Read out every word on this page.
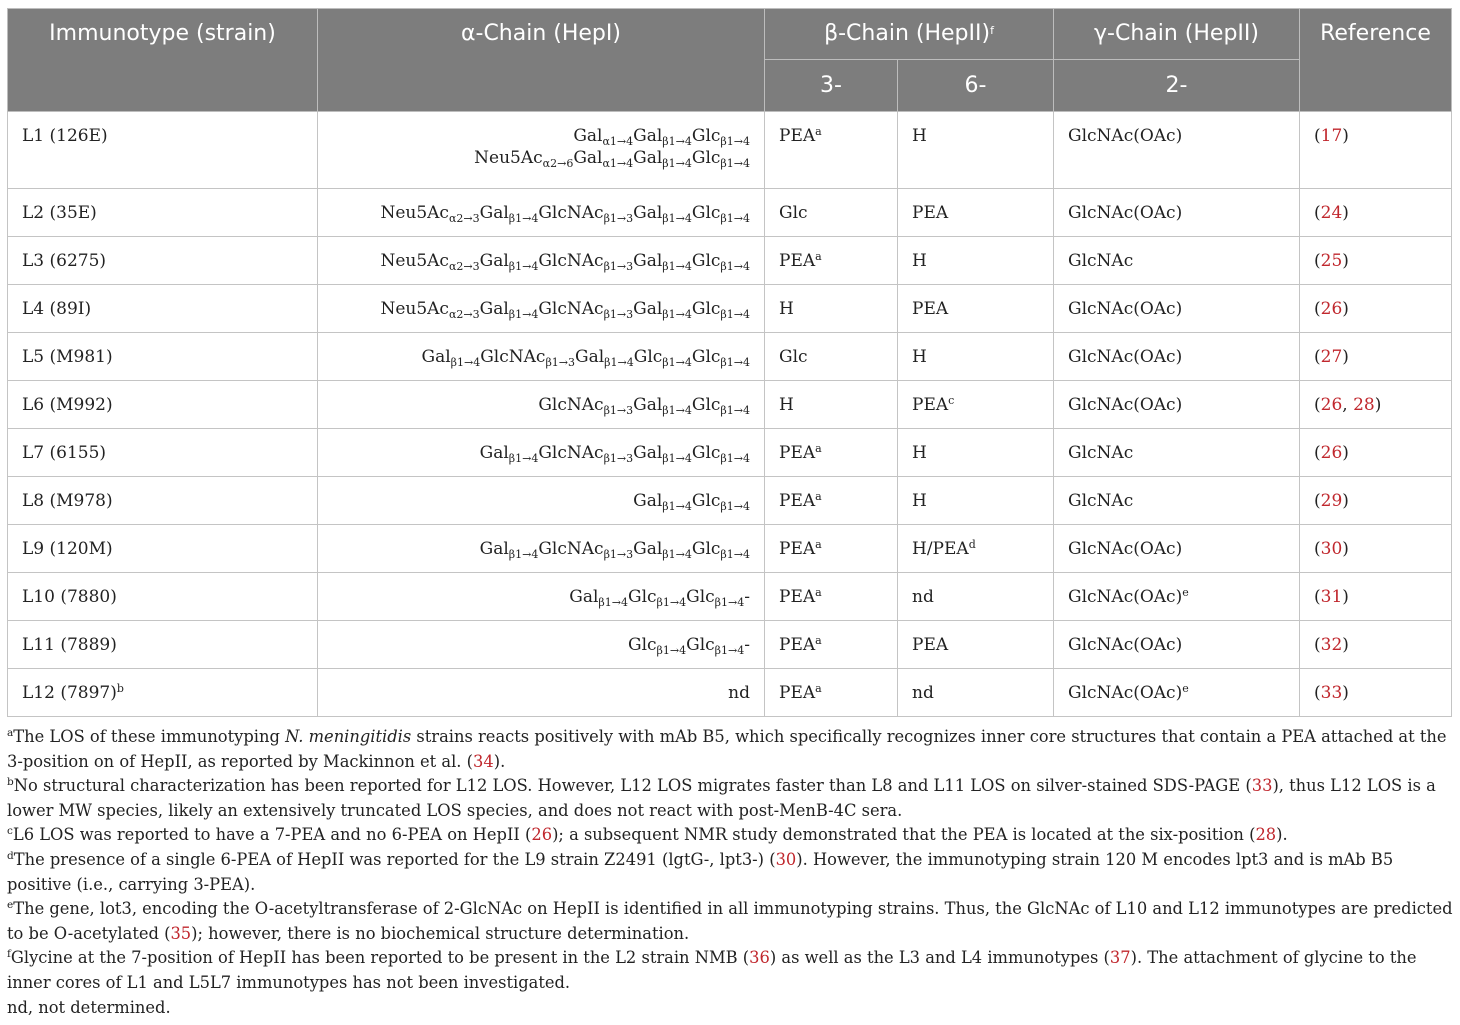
Immunotype (strain)	α-Chain (HepI)	β-Chain (HepII)$^f$		γ-Chain (HepII)	Reference
		3-	6-	2-	
L1 (126E)	Gal$_{\alpha 1\to 4}$Gal$_{\beta 1\to 4}$Glc$_{\beta 1\to 4}$
$Neu5Ac_{\alpha 2\to 6}Gal_{\alpha 1\to 4}Gal_{\beta 1\to 4}Glc_{\beta 1\to 4}$	PEA$^a$	H	GlcNAc(OAc)	(17)
L2 (35E)	$Neu5Ac_{\alpha 2\to 3}Gal_{\beta 1\to 4}GlcNAc_{\beta 1\to 3}Gal_{\beta 1\to 4}Glc_{\beta 1\to 4}$	Glc	PEA	GlcNAc(OAc)	(24)
L3 (6275)	$Neu5Ac_{\alpha 2\to 3}Gal_{\beta 1\to 4}GlcNAc_{\beta 1\to 3}Gal_{\beta 1\to 4}Glc_{\beta 1\to 4}$	PEA$^a$	H	GlcNAc	(25)
L4 (89I)	$Neu5Ac_{\alpha 2\to 3}Gal_{\beta 1\to 4}GlcNAc_{\beta 1\to 3}Gal_{\beta 1\to 4}Glc_{\beta 1\to 4}$	H	PEA	GlcNAc(OAc)	(26)
L5 (M981)	Gal$_{\beta 1\to 4}$GlcNAc$_{\beta 1\to 3}$Gal$_{\beta 1\to 4}$Glc$_{\beta 1\to 4}$Glc$_{\beta 1\to 4}$	Glc	H	GlcNAc(OAc)	(27)
L6 (M992)	GlcNAc$_{\beta 1\to 3}$Gal$_{\beta 1\to 4}$Glc$_{\beta 1\to 4}$	H	PEA$^c$	GlcNAc(OAc)	(26, 28)
L7 (6155)	Gal$_{\beta 1\to 4}$GlcNAc$_{\beta 1\to 3}$Gal$_{\beta 1\to 4}$Glc$_{\beta 1\to 4}$	PEA$^a$	H	GlcNAc	(26)
L8 (M978)	Gal$_{\beta 1\to 4}$Glc$_{\beta 1\to 4}$	PEA$^a$	H	GlcNAc	(29)
L9 (120M)	Gal$_{\beta 1\to 4}$GlcNAc$_{\beta 1\to 3}$Gal$_{\beta 1\to 4}$Glc$_{\beta 1\to 4}$	PEA$^a$	H/PEA$^d$	GlcNAc(OAc)	(30)
L10 (7880)	Gal$_{\beta 1\to 4}$Glc$_{\beta 1\to 4}$Glc$_{\beta 1\to 4}$-	PEA$^a$	nd	GlcNAc(OAc)$^e$	(31)
L11 (7889)	Glc$_{\beta 1\to 4}$Glc$_{\beta 1\to 4}$-	PEA$^a$	PEA	GlcNAc(OAc)	(32)
L12 $(7897)^b$	nd	PEA$^a$	nd	GlcNAc(OAc)$^e$	(33)

$^a$The LOS of these immunotyping N. meningitidis strains reacts positively with mAb B5, which specifically recognizes inner core structures that contain a PEA attached at the 3-position on of HepII, as reported by Mackinnon et al. (34).

$^b$No structural characterization has been reported for L12 LOS. However, L12 LOS migrates faster than L8 and L11 LOS on silver-stained SDS-PAGE (33), thus L12 LOS is a lower MW species, likely an extensively truncated LOS species, and does not react with post-MenB-4C sera.

$^c$L6 LOS was reported to have a 7-PEA and no 6-PEA on HepII (26); a subsequent NMR study demonstrated that the PEA is located at the six-position (28).

$^d$The presence of a single 6-PEA of HepII was reported for the L9 strain Z2491 (lgtG-, lpt3-) (30). However, the immunotyping strain 120 M encodes lpt3 and is mAb B5 positive (i.e., carrying 3-PEA).

$^e$The gene, lot3, encoding the O-acetyltransferase of 2-GlcNAc on HepII is identified in all immunotyping strains. Thus, the GlcNAc of L10 and L12 immunotypes are predicted to be O-acetylated (35); however, there is no biochemical structure determination.

$^f$Glycine at the 7-position of HepII has been reported to be present in the L2 strain NMB (36) as well as the L3 and L4 immunotypes (37). The attachment of glycine to the inner cores of L1 and L5L7 immunotypes has not been investigated.

nd, not determined.
